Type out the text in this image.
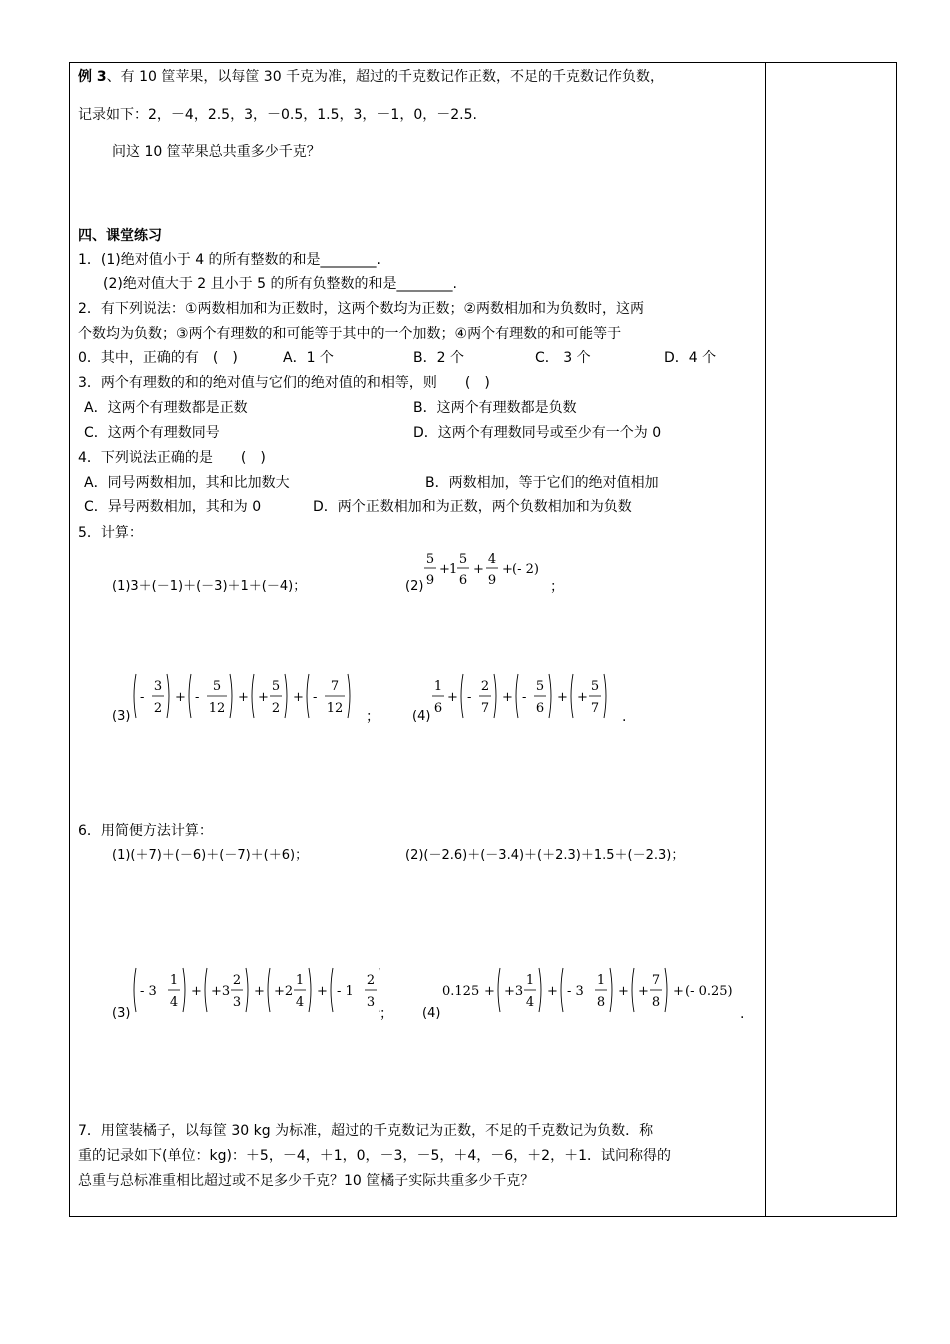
例 3、有 10 筐苹果，以每筐 30 千克为准，超过的千克数记作正数，不足的千克数记作负数，
记录如下：2，－4，2.5，3，－0.5，1.5，3，－1，0，－2.5.
问这 10 筐苹果总共重多少千克？
四、课堂练习
1．(1)绝对值小于 4 的所有整数的和是________.
(2)绝对值大于 2 且小于 5 的所有负整数的和是________.
2．有下列说法：①两数相加和为正数时，这两个数均为正数；②两数相加和为负数时，这两
个数均为负数；③两个有理数的和可能等于其中的一个加数；④两个有理数的和可能等于
0．其中，正确的有　(　)	A．1 个	B．2 个	C． 3 个	D．4 个
3．两个有理数的和的绝对值与它们的绝对值的和相等，则　　(　)
A．这两个有理数都是正数	B．这两个有理数都是负数
C．这两个有理数同号	D．这两个有理数同号或至少有一个为 0
4．下列说法正确的是　　(　)
A．同号两数相加，其和比加数大	B．两数相加，等于它们的绝对值相加
C．异号两数相加，其和为 0	D．两个正数相加和为正数，两个负数相加和为负数
5．计算：
(1)3＋(－1)＋(－3)＋1＋(－4)；	(2)
5
9
+ 1
5
6
+
4
9
+ (- 2)
；
(3)
-
3
2
+ -
5
12
+ +
5
2
+ -
7
12
； (4)
1
6
+ -
2
7
+ -
5
6
+ +
5
7
.
6．用简便方法计算：
(1)(＋7)＋(－6)＋(－7)＋(＋6)；	(2)(－2.6)＋(－3.4)＋(＋2.3)＋1.5＋(－2.3)；
(3)
- 3
1
4
+ +3
2
3
+ +2
1
4
+ - 1
2
3
； (4)
0.125 + +3
1
4
+ - 3
1
8
+ +
7
8
+ (- 0.25)
.
7．用筐装橘子，以每筐 30 kg 为标准，超过的千克数记为正数，不足的千克数记为负数．称
重的记录如下(单位：kg)：＋5，－4，＋1，0，－3，－5，＋4，－6，＋2，＋1．试问称得的
总重与总标准重相比超过或不足多少千克？10 筐橘子实际共重多少千克？
